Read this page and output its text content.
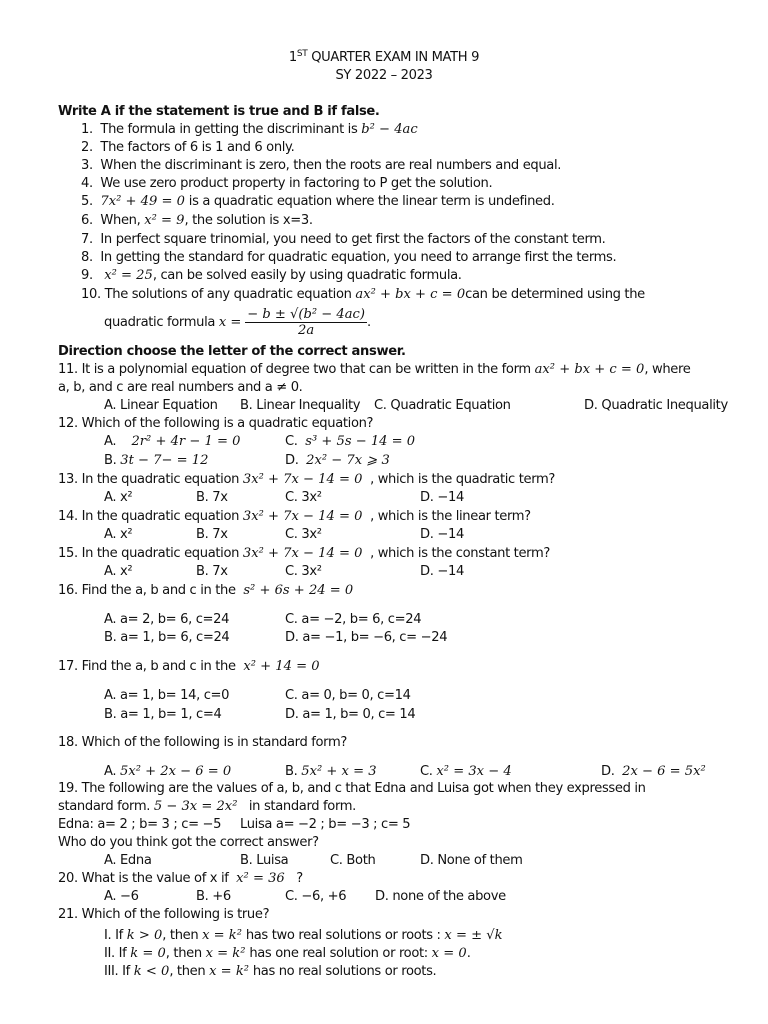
1ST QUARTER EXAM IN MATH 9
SY 2022 – 2023
Write A if the statement is true and B if false.
1. The formula in getting the discriminant is b² − 4ac
2. The factors of 6 is 1 and 6 only.
3. When the discriminant is zero, then the roots are real numbers and equal.
4. We use zero product property in factoring to P get the solution.
5. 7x² + 49 = 0 is a quadratic equation where the linear term is undefined.
6. When, x² = 9, the solution is x=3.
7. In perfect square trinomial, you need to get first the factors of the constant term.
8. In getting the standard for quadratic equation, you need to arrange first the terms.
9. x² = 25, can be solved easily by using quadratic formula.
10. The solutions of any quadratic equation ax² + bx + c = 0can be determined using the
quadratic formula $x = \frac{\text{− b ± √(b² − 4ac)}}{2a}$ .
Direction choose the letter of the correct answer.
11. It is a polynomial equation of degree two that can be written in the form ax² + bx + c = 0, where
a, b, and c are real numbers and a ≠ 0.
A. Linear Equation B. Linear Inequality C. Quadratic Equation	D. Quadratic Inequality
12. Which of the following is a quadratic equation?
A. 2r² + 4r − 1 = 0	C. s³ + 5s − 14 = 0
B. 3t − 7− = 12	D. 2x² − 7x ⩾ 3
13. In the quadratic equation 3x² + 7x − 14 = 0 , which is the quadratic term?
A. x²	B. 7x	C. 3x²	D. −14
14. In the quadratic equation 3x² + 7x − 14 = 0 , which is the linear term?
A. x²	B. 7x	C. 3x²	D. −14
15. In the quadratic equation 3x² + 7x − 14 = 0 , which is the constant term?
A. x²	B. 7x	C. 3x²	D. −14
16. Find the a, b and c in the s² + 6s + 24 = 0
A. a= 2, b= 6, c=24	C. a= −2, b= 6, c=24
B. a= 1, b= 6, c=24	D. a= −1, b= −6, c= −24
17. Find the a, b and c in the x² + 14 = 0
A. a= 1, b= 14, c=0	C. a= 0, b= 0, c=14
B. a= 1, b= 1, c=4	D. a= 1, b= 0, c= 14
18. Which of the following is in standard form?
A. 5x² + 2x − 6 = 0	B. 5x² + x = 3	C. x² = 3x − 4	D. 2x − 6 = 5x²
19. The following are the values of a, b, and c that Edna and Luisa got when they expressed in
standard form. 5 − 3x = 2x² in standard form.
Edna: a= 2 ; b= 3 ; c= −5 Luisa a= −2 ; b= −3 ; c= 5
Who do you think got the correct answer?
A. Edna	B. Luisa	C. Both	D. None of them
20. What is the value of x if x² = 36 ?
A. −6	B. +6	C. −6, +6 D. none of the above
21. Which of the following is true?
I. If k > 0, then x = k² has two real solutions or roots : x = ± √k
II. If k = 0, then x = k² has one real solution or root: x = 0.
III. If k < 0, then x = k² has no real solutions or roots.
